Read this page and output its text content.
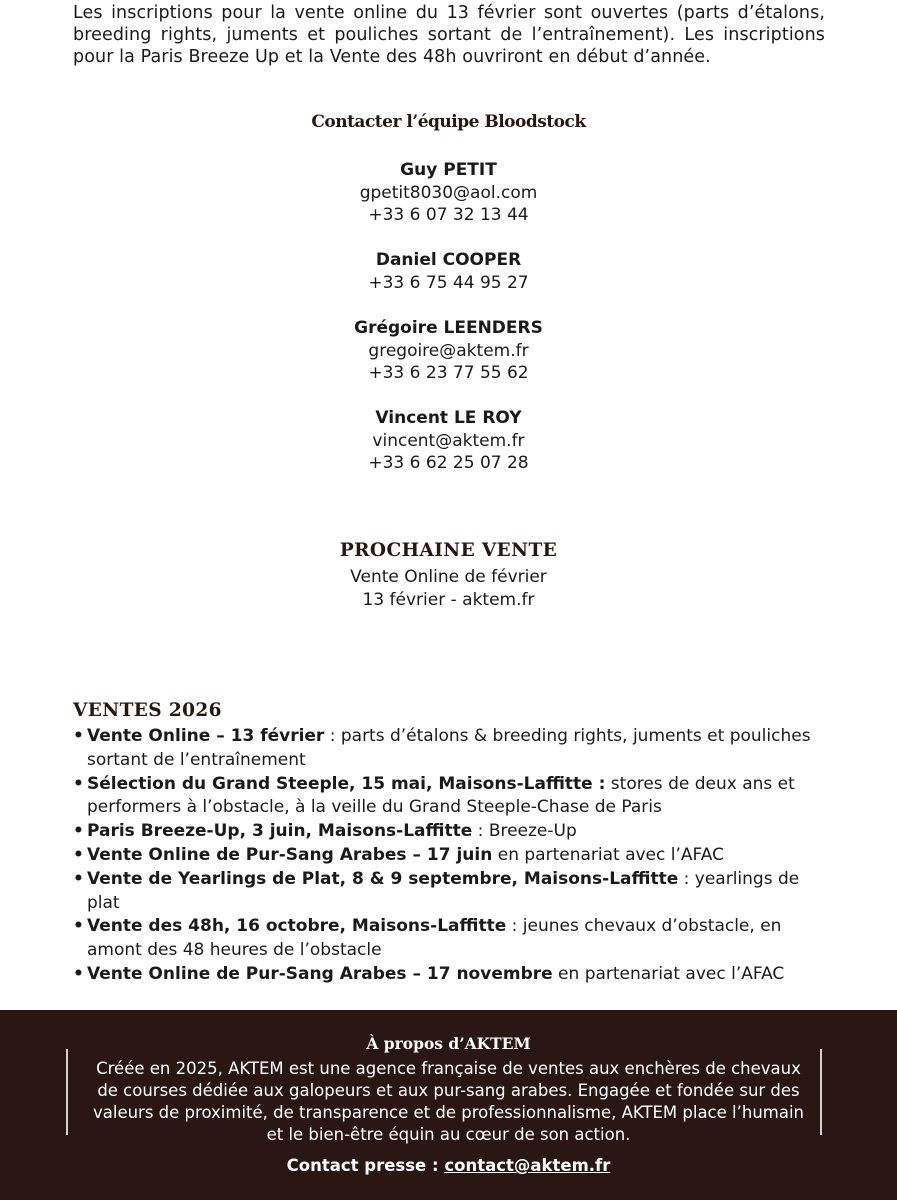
Les inscriptions pour la vente online du 13 février sont ouvertes (parts d’étalons, breeding rights, juments et pouliches sortant de l’entraînement). Les inscriptions pour la Paris Breeze Up et la Vente des 48h ouvriront en début d’année.
Contacter l’équipe Bloodstock
Guy PETIT
gpetit8030@aol.com
+33 6 07 32 13 44
Daniel COOPER
+33 6 75 44 95 27
Grégoire LEENDERS
gregoire@aktem.fr
+33 6 23 77 55 62
Vincent LE ROY
vincent@aktem.fr
+33 6 62 25 07 28
PROCHAINE VENTE
Vente Online de février
13 février - aktem.fr
VENTES 2026
• Vente Online – 13 février : parts d’étalons & breeding rights, juments et pouliches sortant de l’entraînement
• Sélection du Grand Steeple, 15 mai, Maisons-Laffitte : stores de deux ans et performers à l’obstacle, à la veille du Grand Steeple-Chase de Paris
• Paris Breeze-Up, 3 juin, Maisons-Laffitte : Breeze-Up
• Vente Online de Pur-Sang Arabes – 17 juin en partenariat avec l’AFAC
• Vente de Yearlings de Plat, 8 & 9 septembre, Maisons-Laffitte : yearlings de plat
• Vente des 48h, 16 octobre, Maisons-Laffitte : jeunes chevaux d’obstacle, en amont des 48 heures de l’obstacle
• Vente Online de Pur-Sang Arabes – 17 novembre en partenariat avec l’AFAC
À propos d’AKTEM
Créée en 2025, AKTEM est une agence française de ventes aux enchères de chevaux de courses dédiée aux galopeurs et aux pur-sang arabes. Engagée et fondée sur des valeurs de proximité, de transparence et de professionnalisme, AKTEM place l’humain et le bien-être équin au cœur de son action.
Contact presse : contact@aktem.fr
